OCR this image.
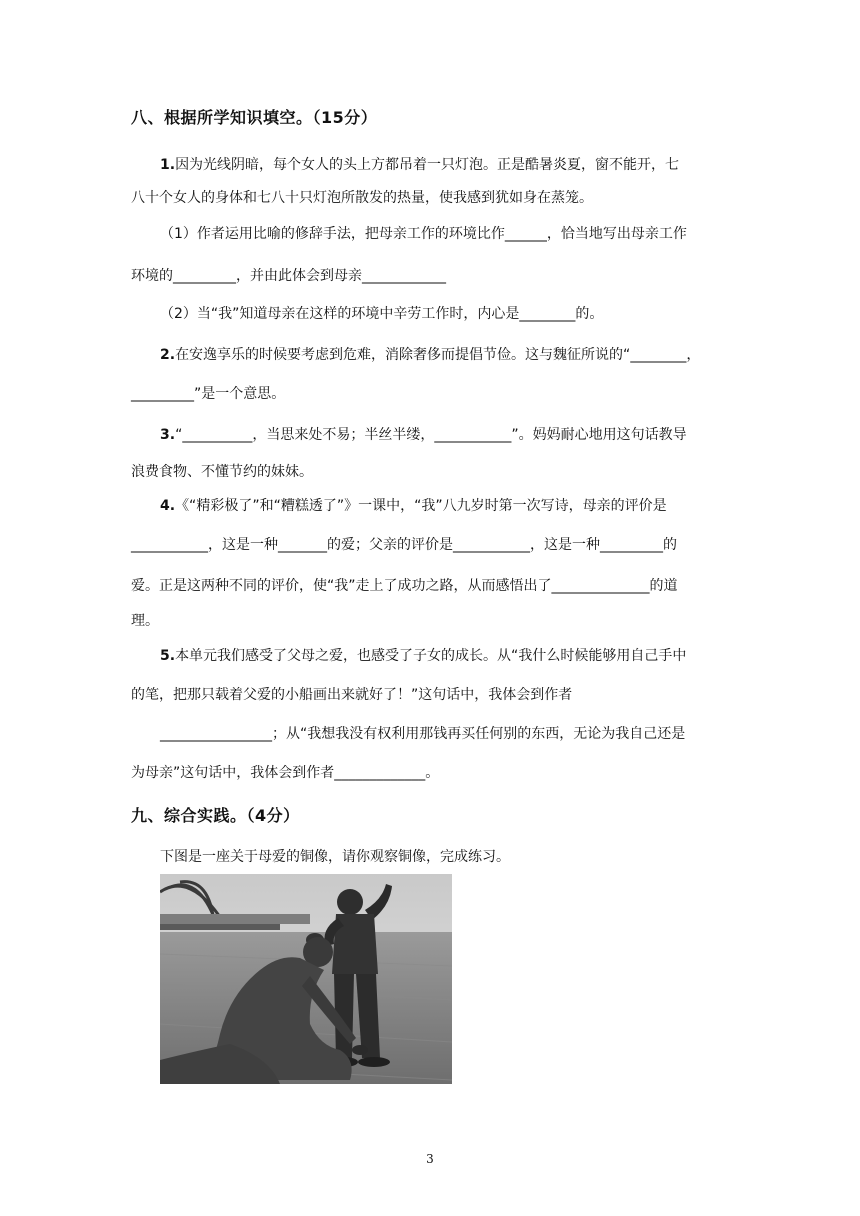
八、根据所学知识填空。（15分）
1.因为光线阴暗，每个女人的头上方都吊着一只灯泡。正是酷暑炎夏，窗不能开，七
八十个女人的身体和七八十只灯泡所散发的热量，使我感到犹如身在蒸笼。
（1）作者运用比喻的修辞手法，把母亲工作的环境比作______，恰当地写出母亲工作
环境的_________，并由此体会到母亲____________
（2）当“我”知道母亲在这样的环境中辛劳工作时，内心是________的。
2.在安逸享乐的时候要考虑到危难，消除奢侈而提倡节俭。这与魏征所说的“________，
_________”是一个意思。
3.“__________，当思来处不易；半丝半缕，___________”。妈妈耐心地用这句话教导
浪费食物、不懂节约的妹妹。
4.《“精彩极了”和“糟糕透了”》一课中，“我”八九岁时第一次写诗，母亲的评价是
___________，这是一种_______的爱；父亲的评价是___________，这是一种_________的
爱。正是这两种不同的评价，使“我”走上了成功之路，从而感悟出了______________的道
理。
5.本单元我们感受了父母之爱，也感受了子女的成长。从“我什么时候能够用自己手中
的笔，把那只载着父爱的小船画出来就好了！”这句话中，我体会到作者
________________；从“我想我没有权利用那钱再买任何别的东西，无论为我自己还是
为母亲”这句话中，我体会到作者_____________。
九、综合实践。（4分）
下图是一座关于母爱的铜像，请你观察铜像，完成练习。
3
